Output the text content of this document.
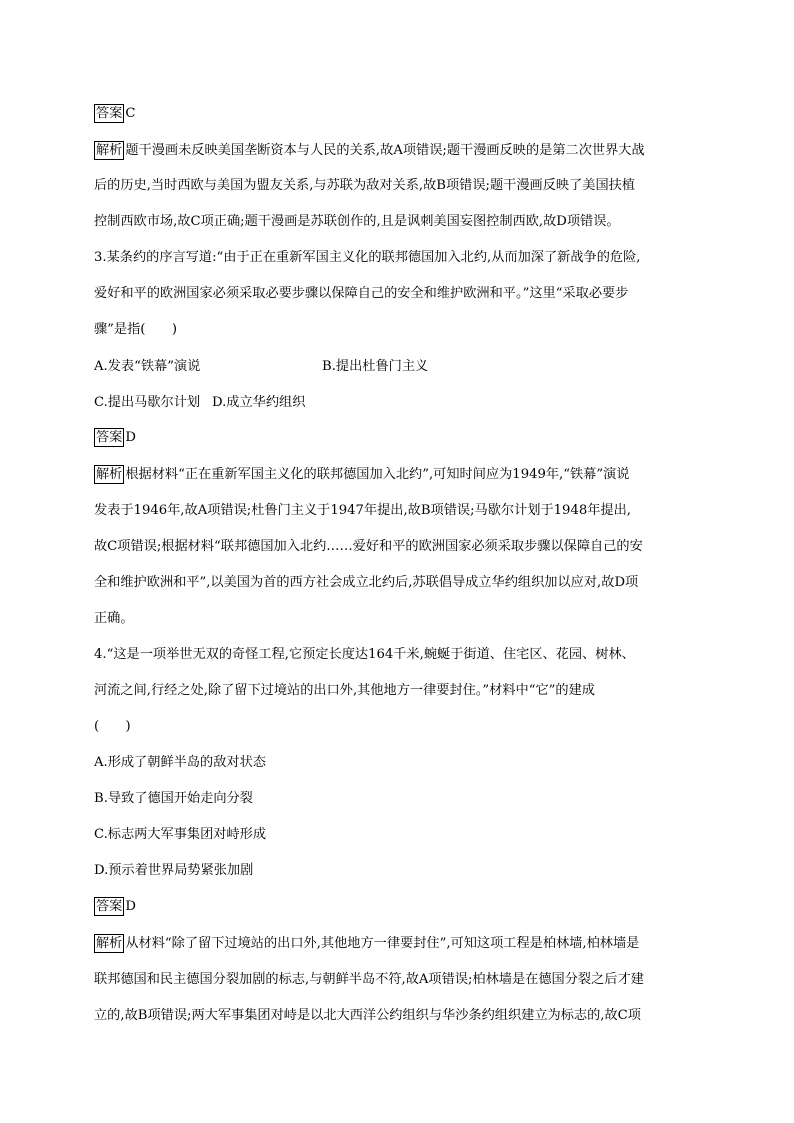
答案 C
解析 题干漫画未反映美国垄断资本与人民的关系,故A项错误;题干漫画反映的是第二次世界大战
后的历史,当时西欧与美国为盟友关系,与苏联为敌对关系,故B项错误;题干漫画反映了美国扶植
控制西欧市场,故C项正确;题干漫画是苏联创作的,且是讽刺美国妄图控制西欧,故D项错误。
3.某条约的序言写道:“由于正在重新军国主义化的联邦德国加入北约,从而加深了新战争的危险,
爱好和平的欧洲国家必须采取必要步骤以保障自己的安全和维护欧洲和平。”这里“采取必要步
骤”是指(　　)
A.发表“铁幕”演说	B.提出杜鲁门主义
C.提出马歇尔计划 D.成立华约组织
答案 D
解析 根据材料“正在重新军国主义化的联邦德国加入北约”,可知时间应为1949年,“铁幕”演说
发表于1946年,故A项错误;杜鲁门主义于1947年提出,故B项错误;马歇尔计划于1948年提出,
故C项错误;根据材料“联邦德国加入北约……爱好和平的欧洲国家必须采取步骤以保障自己的安
全和维护欧洲和平”,以美国为首的西方社会成立北约后,苏联倡导成立华约组织加以应对,故D项
正确。
4.“这是一项举世无双的奇怪工程,它预定长度达164千米,蜿蜒于街道、住宅区、花园、树林、
河流之间,行经之处,除了留下过境站的出口外,其他地方一律要封住。”材料中“它”的建成
(　　)
A.形成了朝鲜半岛的敌对状态
B.导致了德国开始走向分裂
C.标志两大军事集团对峙形成
D.预示着世界局势紧张加剧
答案 D
解析 从材料“除了留下过境站的出口外,其他地方一律要封住”,可知这项工程是柏林墙,柏林墙是
联邦德国和民主德国分裂加剧的标志,与朝鲜半岛不符,故A项错误;柏林墙是在德国分裂之后才建
立的,故B项错误;两大军事集团对峙是以北大西洋公约组织与华沙条约组织建立为标志的,故C项
